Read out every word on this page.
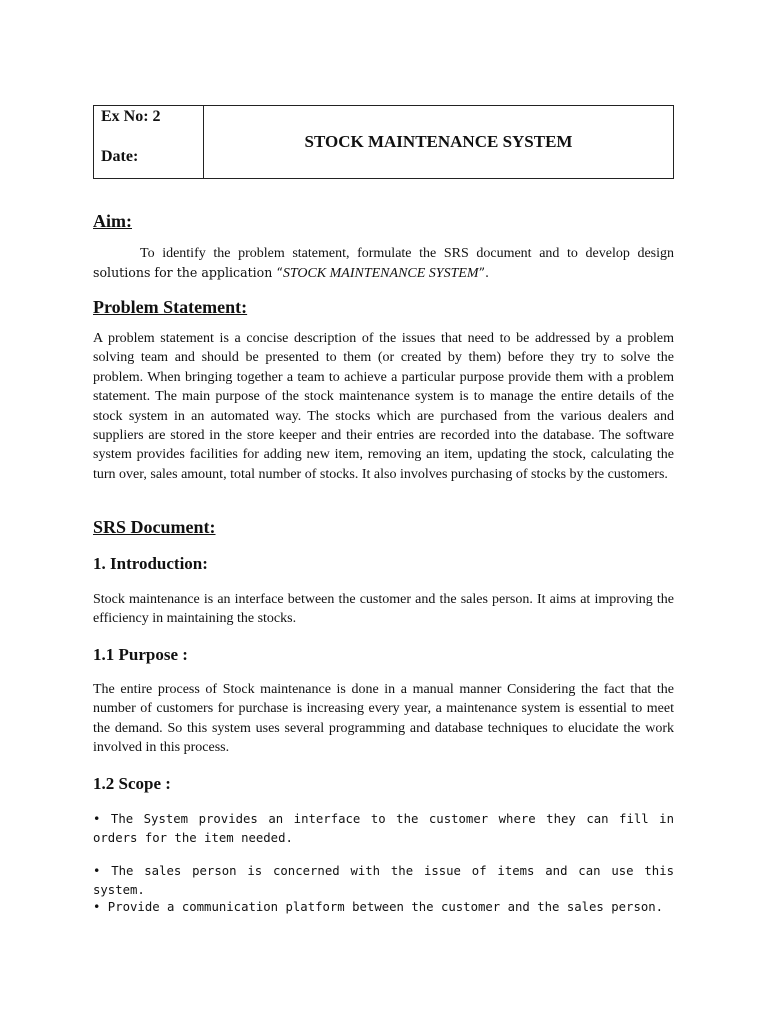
Ex No: 2
Date:
STOCK MAINTENANCE SYSTEM
Aim:
To identify the problem statement, formulate the SRS document and to develop design
solutions for the application “STOCK MAINTENANCE SYSTEM”.
Problem Statement:
A problem statement is a concise description of the issues that need to be addressed by a problem solving team and should be presented to them (or created by them) before they try to solve the problem. When bringing together a team to achieve a particular purpose provide them with a problem statement. The main purpose of the stock maintenance system is to manage the entire details of the stock system in an automated way. The stocks which are purchased from the various dealers and suppliers are stored in the store keeper and their entries are recorded into the database. The software system provides facilities for adding new item, removing an item, updating the stock, calculating the turn over, sales amount, total number of stocks. It also involves purchasing of stocks by the customers.
SRS Document:
1. Introduction:
Stock maintenance is an interface between the customer and the sales person. It aims at improving the efficiency in maintaining the stocks.
1.1 Purpose :
The entire process of Stock maintenance is done in a manual manner Considering the fact that the number of customers for purchase is increasing every year, a maintenance system is essential to meet the demand. So this system uses several programming and database techniques to elucidate the work involved in this process.
1.2 Scope :
• The System provides an interface to the customer where they can fill in orders for the item needed.
• The sales person is concerned with the issue of items and can use this system.
• Provide a communication platform between the customer and the sales person.
